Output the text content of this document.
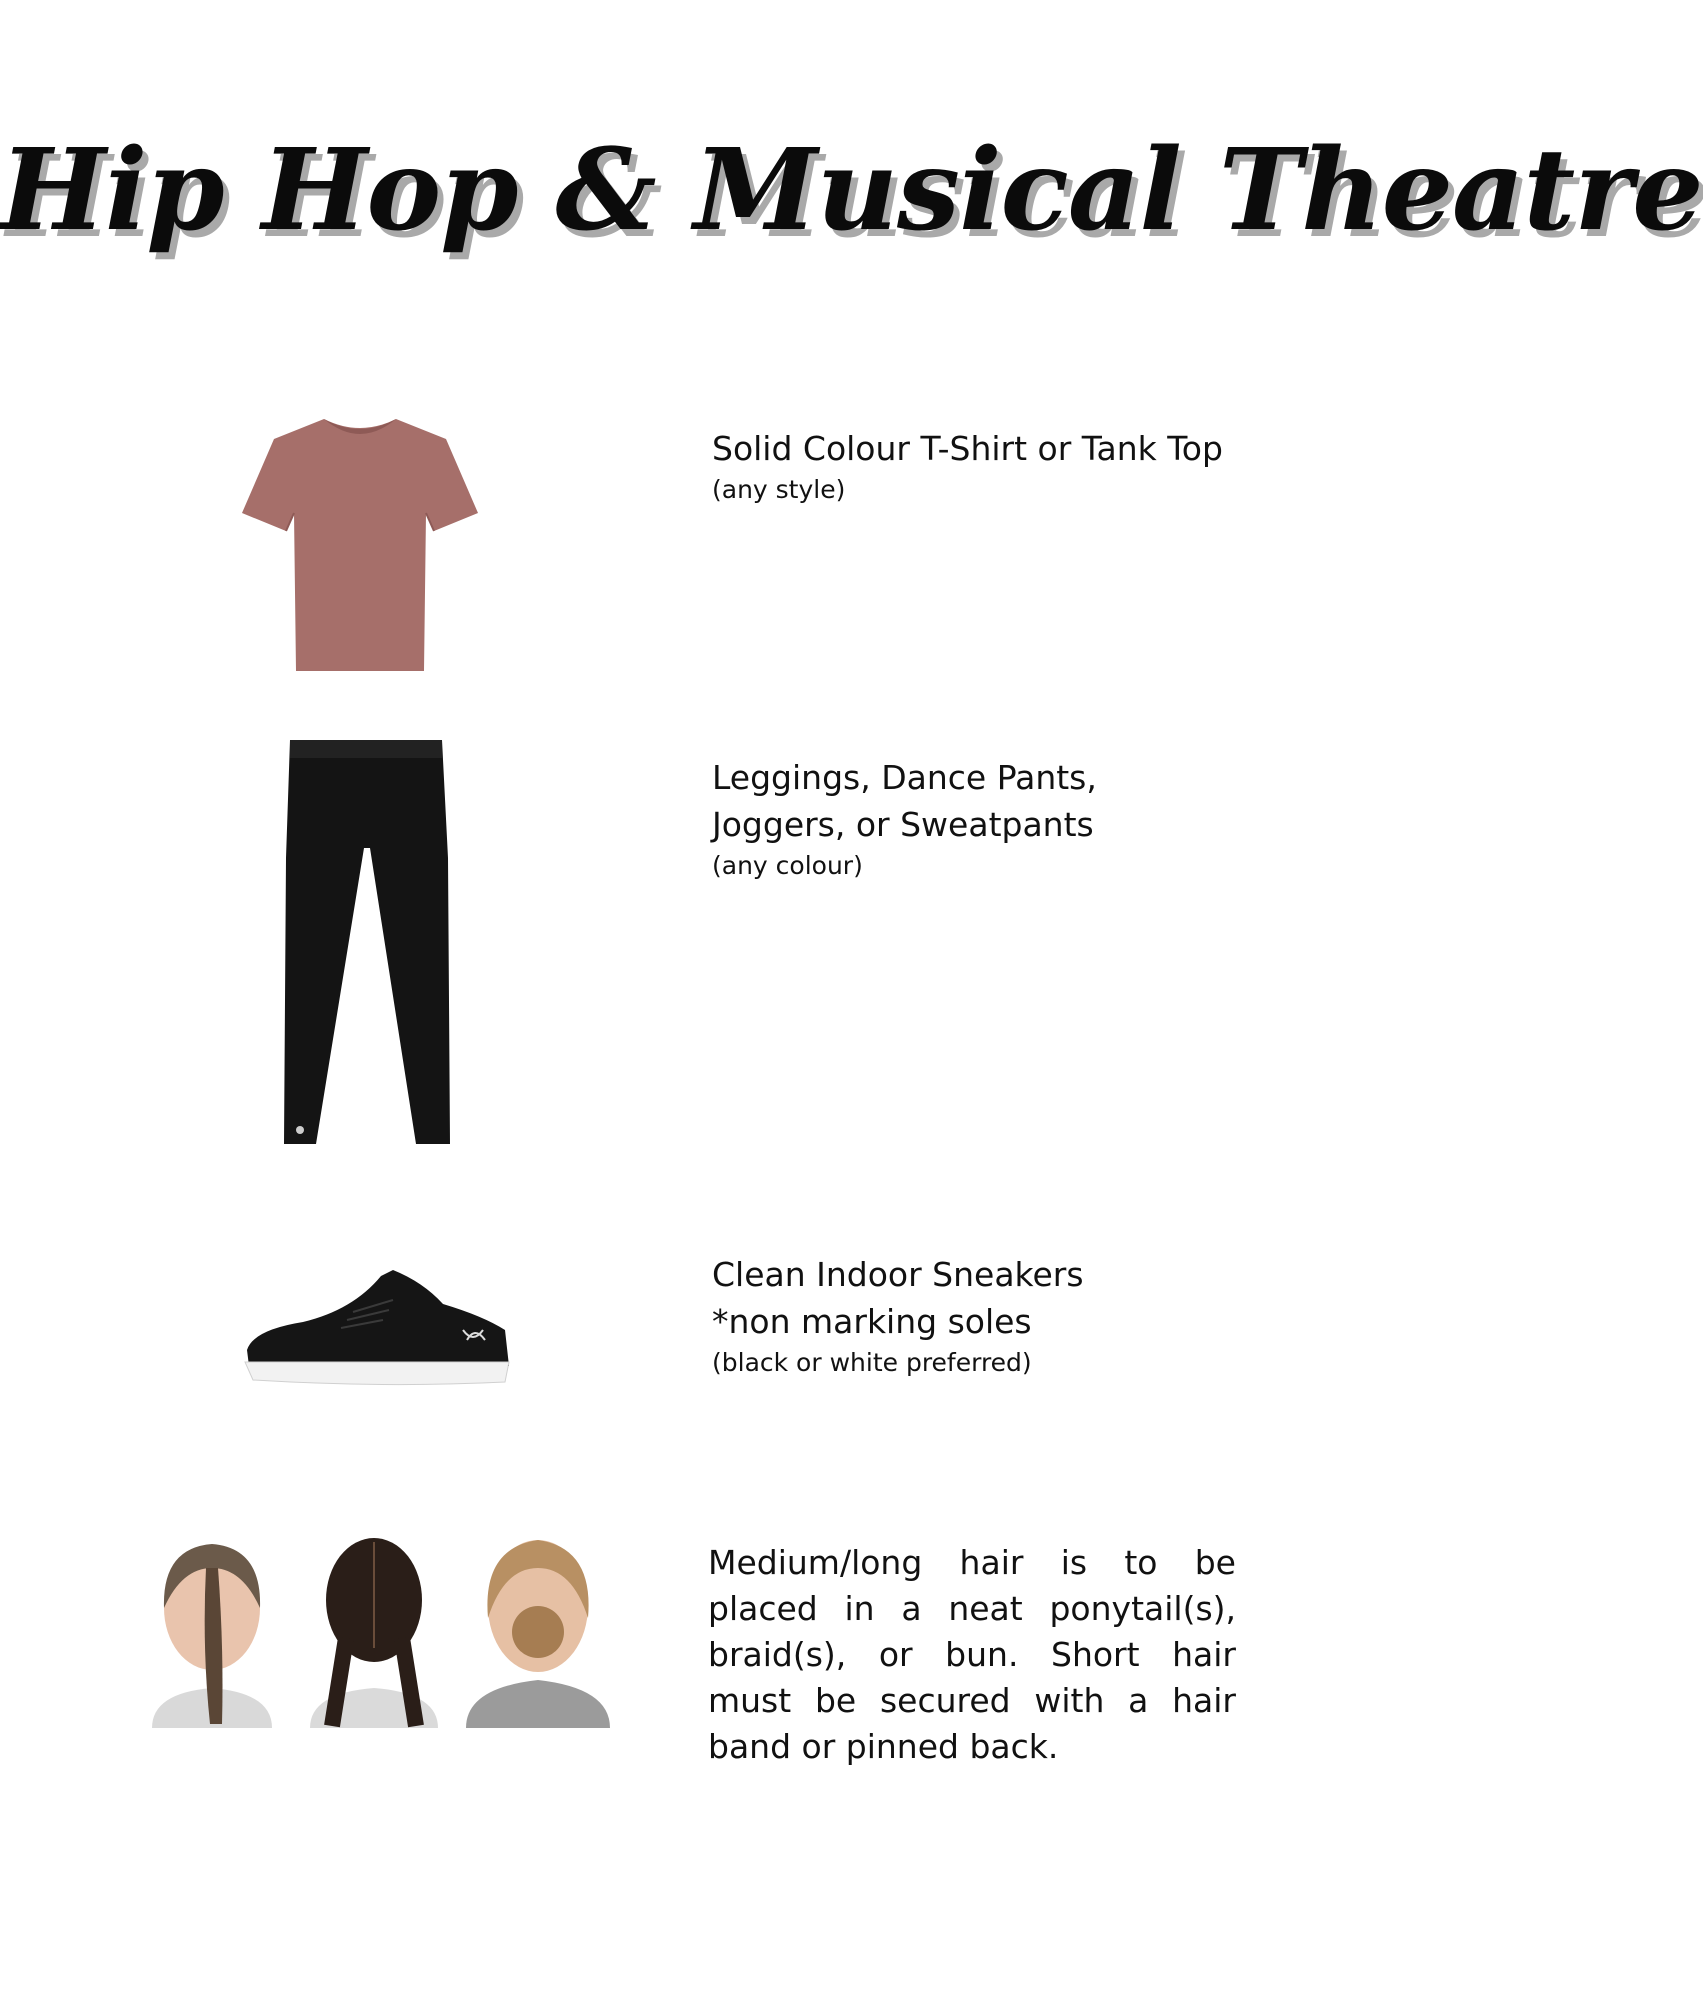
Hip Hop & Musical Theatre
Solid Colour T-Shirt or Tank Top
(any style)
Leggings, Dance Pants,
Joggers, or Sweatpants
(any colour)
Clean Indoor Sneakers
*non marking soles
(black or white preferred)
Medium/long hair is to be placed in a neat ponytail(s), braid(s), or bun. Short hair must be secured with a hair band or pinned back.
